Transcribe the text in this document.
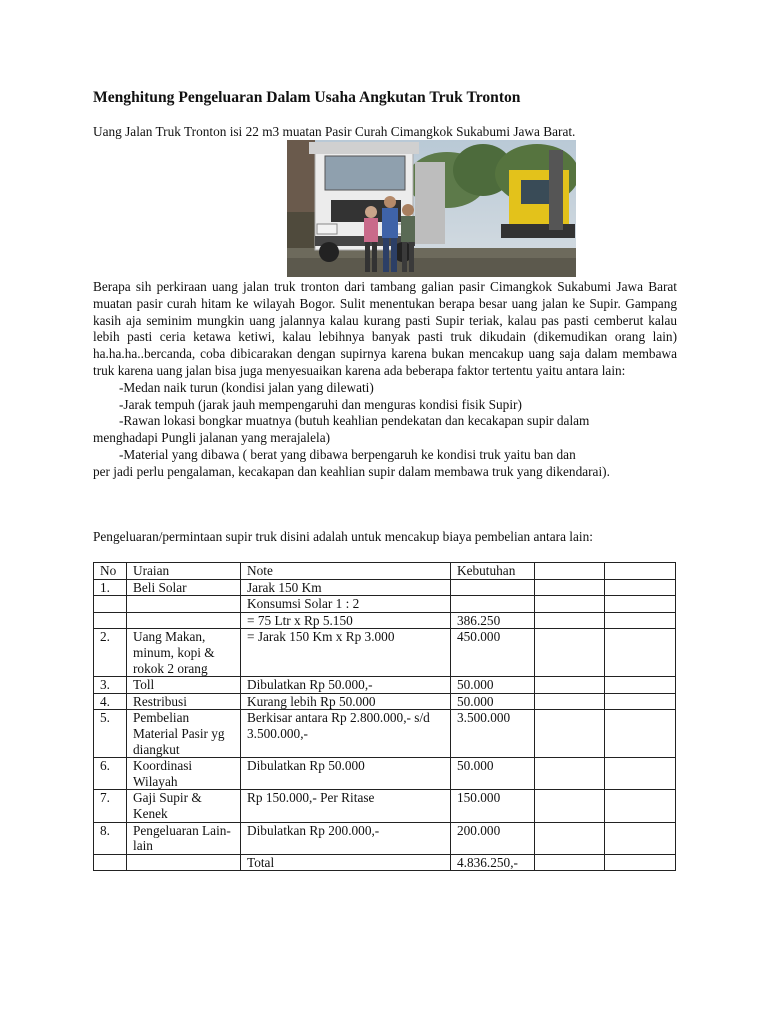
Menghitung Pengeluaran Dalam Usaha Angkutan Truk Tronton
Uang Jalan Truk Tronton isi 22 m3 muatan Pasir Curah Cimangkok Sukabumi Jawa Barat.

Berapa sih perkiraan uang jalan truk tronton dari tambang galian pasir Cimangkok Sukabumi Jawa Barat muatan pasir curah hitam ke wilayah Bogor. Sulit menentukan berapa besar uang jalan ke Supir. Gampang kasih aja seminim mungkin uang jalannya kalau kurang pasti Supir teriak, kalau pas pasti cemberut kalau lebih pasti ceria ketawa ketiwi, kalau lebihnya banyak pasti truk dikudain (dikemudikan orang lain) ha.ha.ha..bercanda, coba dibicarakan dengan supirnya karena bukan mencakup uang saja dalam membawa truk karena uang jalan bisa juga menyesuaikan karena ada beberapa faktor tertentu yaitu antara lain:

-Medan naik turun (kondisi jalan yang dilewati)

-Jarak tempuh (jarak jauh mempengaruhi dan menguras kondisi fisik Supir)

-Rawan lokasi bongkar muatnya (butuh keahlian pendekatan dan kecakapan supir dalam

menghadapi Pungli jalanan yang merajalela)

-Material yang dibawa ( berat yang dibawa berpengaruh ke kondisi truk yaitu ban dan

per jadi perlu pengalaman, kecakapan dan keahlian supir dalam membawa truk yang dikendarai).

Pengeluaran/permintaan supir truk disini adalah untuk mencakup biaya pembelian antara lain:
No	Uraian	Note	Kebutuhan		
1.	Beli Solar	Jarak 150 Km			
		Konsumsi Solar 1 : 2			
		= 75 Ltr x Rp 5.150	386.250		
2.	Uang Makan, minum, kopi & rokok 2 orang	= Jarak 150 Km x Rp 3.000	450.000		
3.	Toll	Dibulatkan Rp 50.000,-	50.000		
4.	Restribusi	Kurang lebih Rp 50.000	50.000		
5.	Pembelian Material Pasir yg diangkut	Berkisar antara Rp 2.800.000,- s/d 3.500.000,-	3.500.000		
6.	Koordinasi Wilayah	Dibulatkan Rp 50.000	50.000		
7.	Gaji Supir & Kenek	Rp 150.000,- Per Ritase	150.000		
8.	Pengeluaran Lain-lain	Dibulatkan Rp 200.000,-	200.000		
		Total	4.836.250,-		
